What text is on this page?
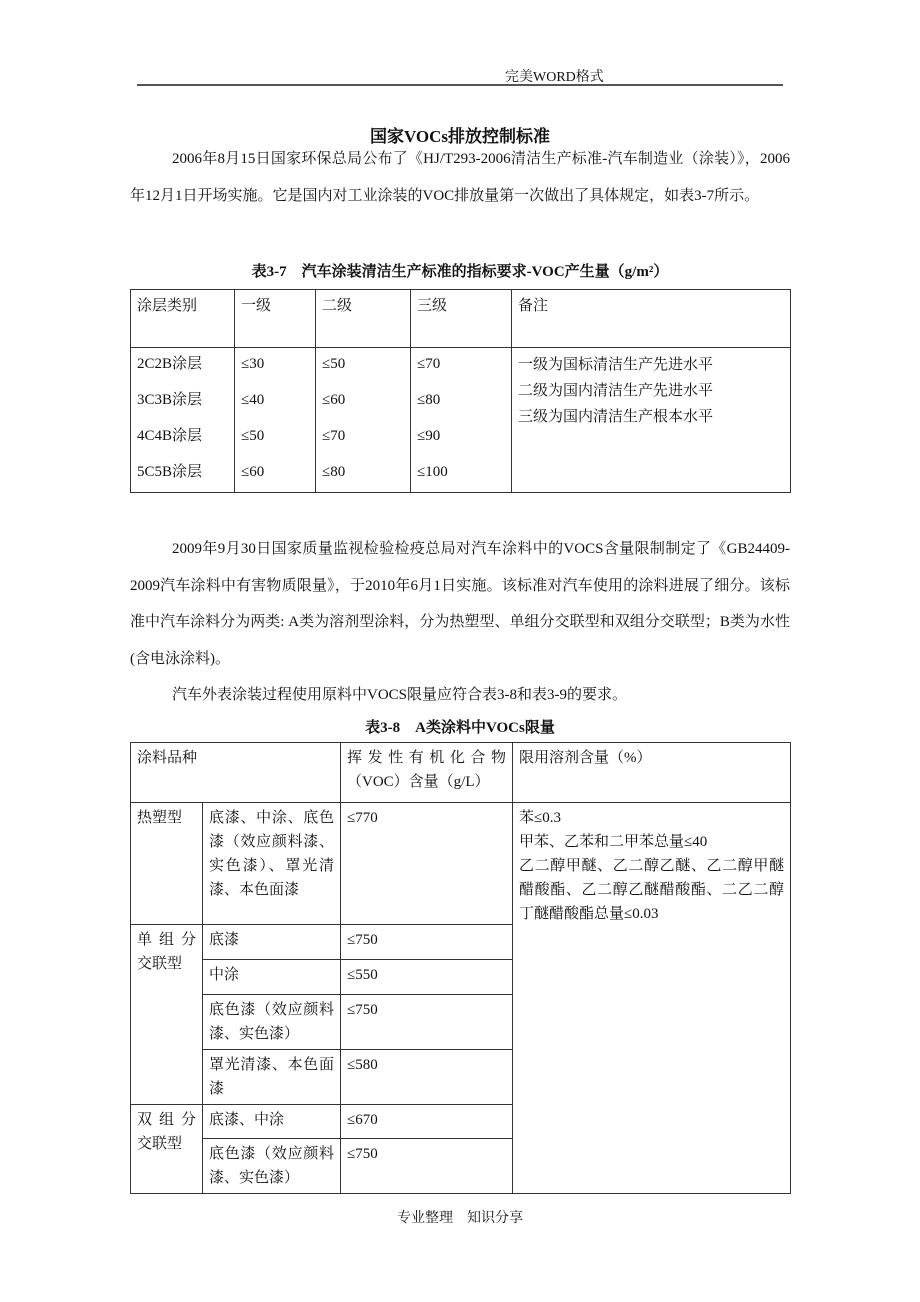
完美WORD格式
国家VOCs排放控制标准
2006年8月15日国家环保总局公布了《HJ/T293-2006清洁生产标准-汽车制造业（涂装）》，2006年12月1日开场实施。它是国内对工业涂装的VOC排放量第一次做出了具体规定，如表3-7所示。
表3-7　汽车涂装清洁生产标准的指标要求-VOC产生量（g/m²）
涂层类别	一级	二级	三级	备注
2C2B涂层	≤30	≤50	≤70	一级为国标清洁生产先进水平
二级为国内清洁生产先进水平
三级为国内清洁生产根本水平

3C3B涂层	≤40	≤60	≤80	
4C4B涂层	≤50	≤70	≤90	
5C5B涂层	≤60	≤80	≤100	
2009年9月30日国家质量监视检验检疫总局对汽车涂料中的VOCS含量限制制定了《GB24409-2009汽车涂料中有害物质限量》，于2010年6月1日实施。该标准对汽车使用的涂料进展了细分。该标准中汽车涂料分为两类: A类为溶剂型涂料，分为热塑型、单组分交联型和双组分交联型；B类为水性(含电泳涂料)。
汽车外表涂装过程使用原料中VOCS限量应符合表3-8和表3-9的要求。
表3-8　A类涂料中VOCs限量
涂料品种		挥发性有机化合物（VOC）含量（g/L）	限用溶剂含量（%）
热塑型	底漆、中涂、底色漆（效应颜料漆、实色漆）、罩光清漆、本色面漆	≤770	苯≤0.3
甲苯、乙苯和二甲苯总量≤40
乙二醇甲醚、乙二醇乙醚、乙二醇甲醚醋酸酯、乙二醇乙醚醋酸酯、二乙二醇丁醚醋酸酯总量≤0.03

单组分交联型	底漆	≤750	
	中涂	≤550	
	底色漆（效应颜料漆、实色漆）	≤750	
	罩光清漆、本色面漆	≤580	
双组分交联型	底漆、中涂	≤670	
	底色漆（效应颜料漆、实色漆）	≤750	
专业整理　知识分享
